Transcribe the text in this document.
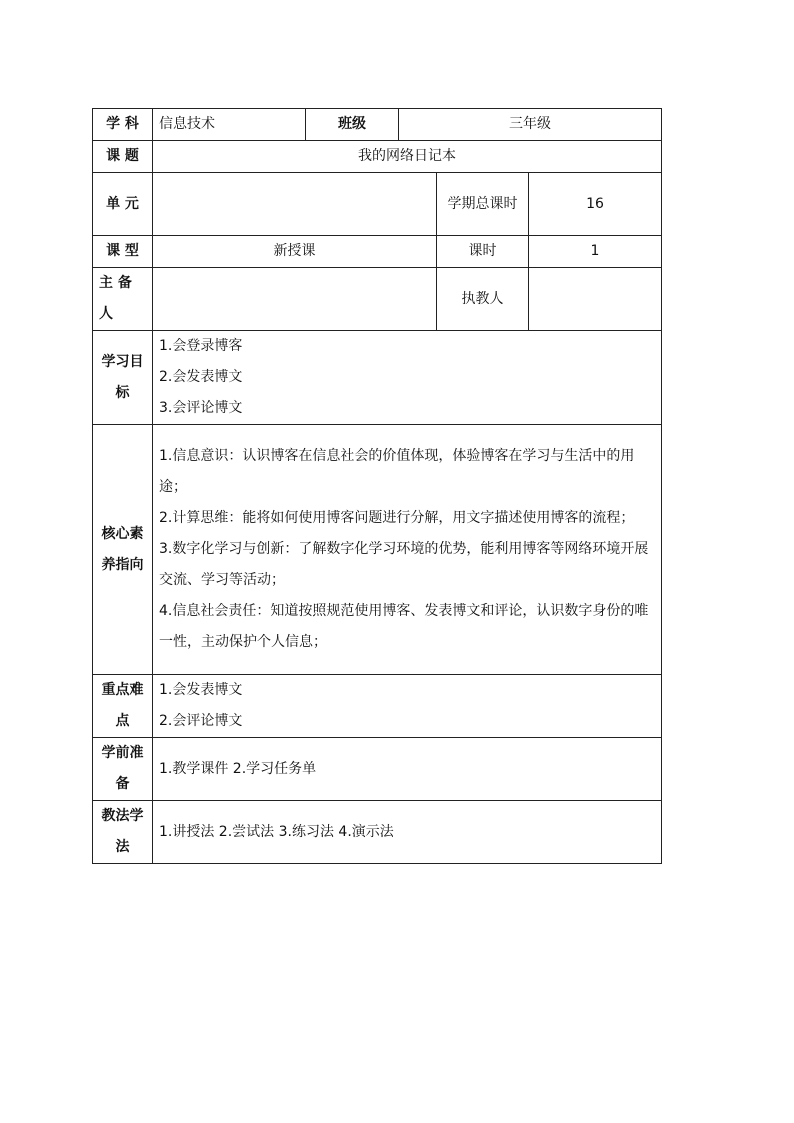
学 科	信息技术	班级	三年级		
课 题	我的网络日记本				
单 元				学期总课时	16
课 型	新授课			课时	1
主 备 人				执教人	
学习目标	1.会登录博客
2.会发表博文
3.会评论博文				

核心素养指向	1.信息意识：认识博客在信息社会的价值体现，体验博客在学习与生活中的用途；
2.计算思维：能将如何使用博客问题进行分解，用文字描述使用博客的流程；
3.数字化学习与创新：了解数字化学习环境的优势，能利用博客等网络环境开展交流、学习等活动；
4.信息社会责任：知道按照规范使用博客、发表博文和评论，认识数字身份的唯一性，主动保护个人信息；				

重点难点	1.会发表博文
2.会评论博文				

学前准备	1.教学课件 2.学习任务单				
教法学法	1.讲授法 2.尝试法 3.练习法 4.演示法				
